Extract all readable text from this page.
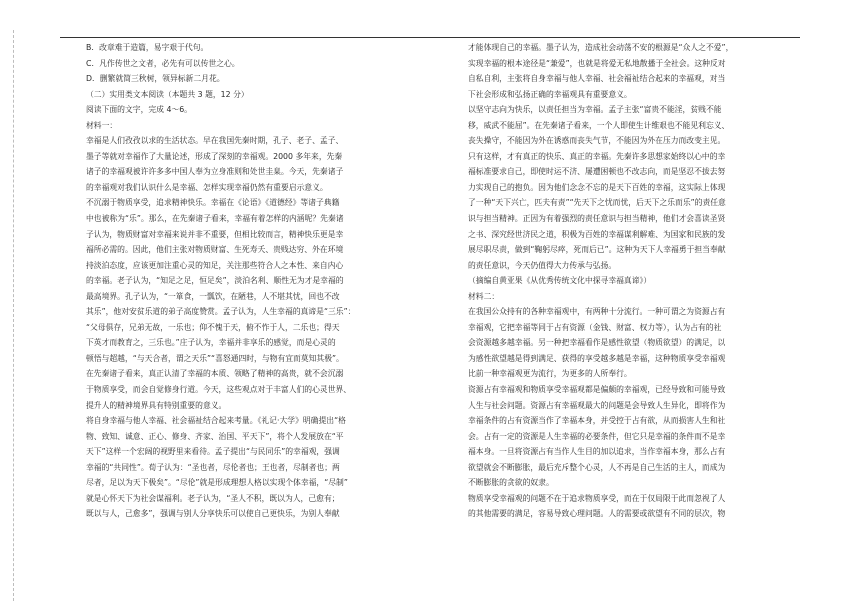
B．改章难于造篇，易字艰于代句。
C．凡作传世之文者，必先有可以传世之心。
D．删繁就简三秋树，领异标新二月花。
（二）实用类文本阅读（本题共 3 题，12 分）
阅读下面的文字，完成 4～6。
材料一：
幸福是人们孜孜以求的生活状态。早在我国先秦时期，孔子、老子、孟子、
墨子等就对幸福作了大量论述，形成了深刻的幸福观。2000 多年来，先秦
诸子的幸福观被许许多多中国人奉为立身准则和处世圭臬。今天，先秦诸子
的幸福观对我们认识什么是幸福、怎样实现幸福仍然有重要启示意义。
不沉溺于物质享受，追求精神快乐。幸福在《论语》《道德经》等诸子典籍
中也被称为“乐”。那么，在先秦诸子看来，幸福有着怎样的内涵呢？先秦诸
子认为，物质财富对幸福来说并非不重要，但相比较而言，精神快乐更是幸
福所必需的。因此，他们主张对物质财富、生死寿夭、贵贱达穷、外在环境
持淡泊态度，应该更加注重心灵的知足，关注那些符合人之本性、来自内心
的幸福。老子认为，“知足之足，恒足矣”，淡泊名利、顺性无为才是幸福的
最高境界。孔子认为，“一箪食，一瓢饮，在陋巷，人不堪其忧，回也不改
其乐”，他对安贫乐道的弟子高度赞赏。孟子认为，人生幸福的真谛是“三乐”：
“父母俱存，兄弟无故，一乐也；仰不愧于天，俯不怍于人，二乐也；得天
下英才而教育之，三乐也。”庄子认为，幸福并非享乐的感觉，而是心灵的
顿悟与超越，“与天合者，谓之天乐”“喜怒通四时，与物有宜而莫知其极”。
在先秦诸子看来，真正认清了幸福的本质、领略了精神的高贵，就不会沉溺
于物质享受，而会自觉修身行道。今天，这些观点对于丰富人们的心灵世界、
提升人的精神境界具有特别重要的意义。
将自身幸福与他人幸福、社会福祉结合起来考量。《礼记·大学》明确提出“格
物、致知、诚意、正心、修身、齐家、治国、平天下”，将个人发展放在“平
天下”这样一个宏阔的视野里来看待。孟子提出“与民同乐”的幸福观，强调
幸福的“共同性”。荀子认为：“圣也者，尽伦者也；王也者，尽制者也；两
尽者，足以为天下极矣”。“尽伦”就是形成理想人格以实现个体幸福，“尽制”
就是心怀天下为社会谋福利。老子认为，“圣人不积，既以为人，己愈有；
既以与人，己愈多”，强调与别人分享快乐可以使自己更快乐，为别人奉献
才能体现自己的幸福。墨子认为，造成社会动荡不安的根源是“众人之不爱”，
实现幸福的根本途径是“兼爱”，也就是将爱无私地散播于全社会。这种反对
自私自利，主张将自身幸福与他人幸福、社会福祉结合起来的幸福观，对当
下社会形成和弘扬正确的幸福观具有重要意义。
以坚守志向为快乐，以责任担当为幸福。孟子主张“富贵不能淫，贫贱不能
移，威武不能屈”。在先秦诸子看来，一个人即使生计维艰也不能见利忘义、
丧失操守，不能因为外在诱惑而丧失气节，不能因为外在压力而改变主见。
只有这样，才有真正的快乐、真正的幸福。先秦许多思想家始终以心中的幸
福标准要求自己，即使时运不济、屡遭困顿也不改志向，而是坚忍不拔去努
力实现自己的抱负。因为他们念念不忘的是天下百姓的幸福，这实际上体现
了一种“天下兴亡，匹夫有责”“先天下之忧而忧，后天下之乐而乐”的责任意
识与担当精神。正因为有着强烈的责任意识与担当精神，他们才会喜读圣贤
之书、深究经世济民之道，积极为百姓的幸福谋利解难、为国家和民族的发
展尽职尽责，做到“鞠躬尽瘁，死而后已”。这种为天下人幸福勇于担当奉献
的责任意识，今天仍值得大力传承与弘扬。
（摘编自黄亚果《从优秀传统文化中探寻幸福真谛》）
材料二：
在我国公众持有的各种幸福观中，有两种十分流行。一种可谓之为资源占有
幸福观，它把幸福等同于占有资源（金钱、财富、权力等），认为占有的社
会资源越多越幸福。另一种把幸福看作是感性欲望（物质欲望）的满足，以
为感性欲望越是得到满足、获得的享受越多越是幸福，这种物质享受幸福观
比前一种幸福观更为流行，为更多的人所奉行。
资源占有幸福观和物质享受幸福观都是偏颇的幸福观，已经导致和可能导致
人生与社会问题。资源占有幸福观最大的问题是会导致人生异化，即将作为
幸福条件的占有资源当作了幸福本身，并受控于占有欲，从而损害人生和社
会。占有一定的资源是人生幸福的必要条件，但它只是幸福的条件而不是幸
福本身。一旦将资源占有当作人生目的加以追求，当作幸福本身，那么占有
欲望就会不断膨胀，最后充斥整个心灵，人不再是自己生活的主人，而成为
不断膨胀的贪欲的奴隶。
物质享受幸福观的问题不在于追求物质享受，而在于仅局限于此而忽视了人
的其他需要的满足，容易导致心理问题。人的需要或欲望有不同的层次，物
